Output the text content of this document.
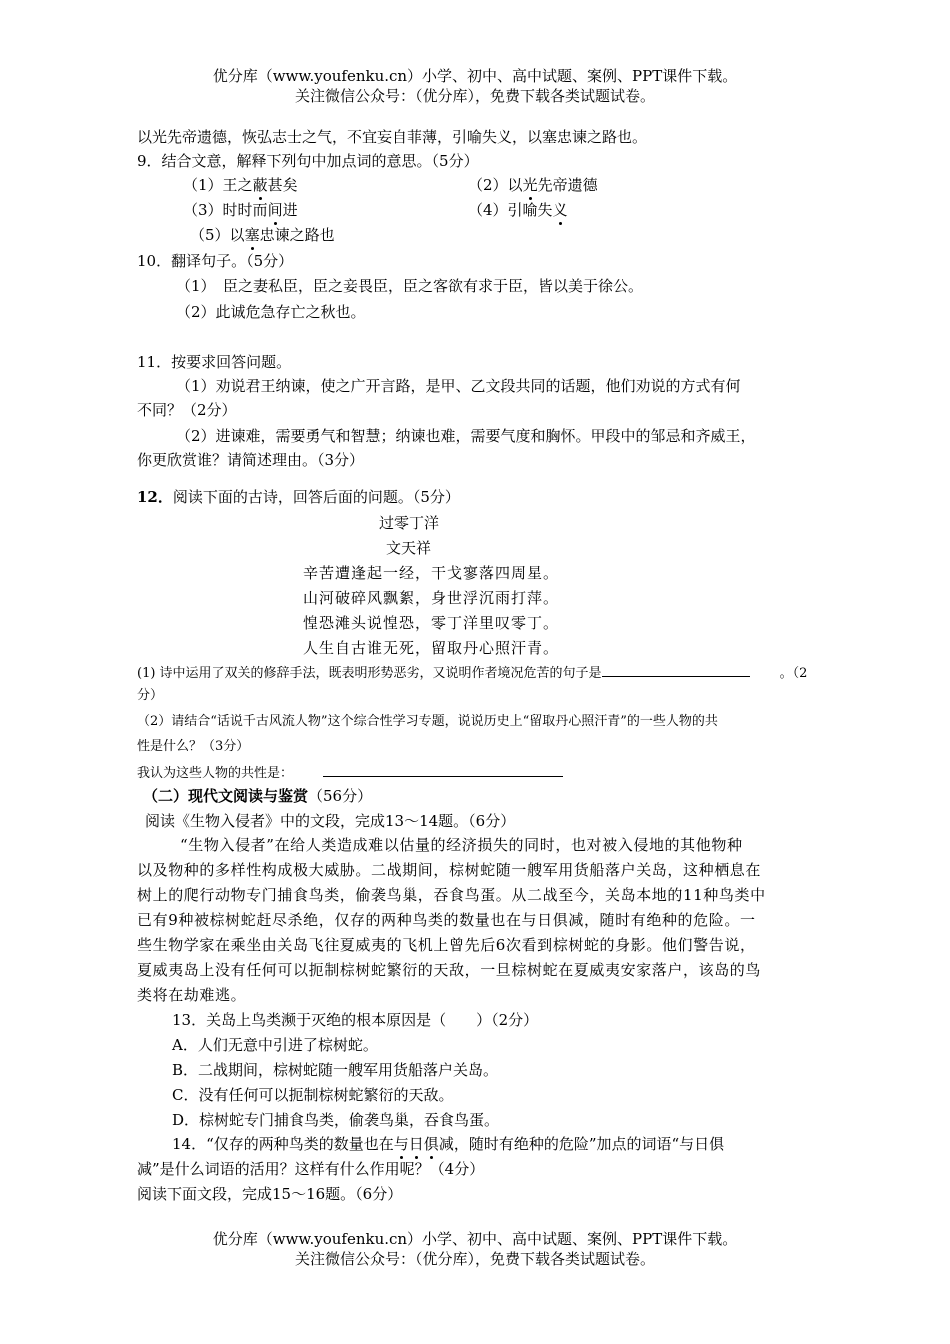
优分库（www.youfenku.cn）小学、初中、高中试题、案例、PPT课件下载。
关注微信公众号：（优分库），免费下载各类试题试卷。
以光先帝遗德，恢弘志士之气，不宜妄自菲薄，引喻失义，以塞忠谏之路也。
9．结合文意，解释下列句中加点词的意思。（5分）
（1）王之蔽甚矣	（2）以光先帝遗德
（3）时时而间进	（4）引喻失义
（5）以塞忠谏之路也
10．翻译句子。（5分）
（1）　臣之妻私臣，臣之妾畏臣，臣之客欲有求于臣，皆以美于徐公。
（2）此诚危急存亡之秋也。
11．按要求回答问题。
（1）劝说君王纳谏，使之广开言路，是甲、乙文段共同的话题，他们劝说的方式有何
不同？（2分）
（2）进谏难，需要勇气和智慧；纳谏也难，需要气度和胸怀。甲段中的邹忌和齐威王，
你更欣赏谁？请简述理由。（3分）
12．阅读下面的古诗，回答后面的问题。（5分）
过零丁洋
文天祥
辛苦遭逢起一经，干戈寥落四周星。
山河破碎风飘絮，身世浮沉雨打萍。
惶恐滩头说惶恐，零丁洋里叹零丁。
人生自古谁无死，留取丹心照汗青。
(1) 诗中运用了双关的修辞手法，既表明形势恶劣，又说明作者境况危苦的句子是	。（2
分）
（2）请结合“话说千古风流人物”这个综合性学习专题，说说历史上“留取丹心照汗青”的一些人物的共
性是什么？（3分）
我认为这些人物的共性是：
（二）现代文阅读与鉴赏（56分）
阅读《生物入侵者》中的文段，完成13～14题。（6分）
“生物入侵者”在给人类造成难以估量的经济损失的同时，也对被入侵地的其他物种
以及物种的多样性构成极大威胁。二战期间，棕树蛇随一艘军用货船落户关岛，这种栖息在
树上的爬行动物专门捕食鸟类，偷袭鸟巢，吞食鸟蛋。从二战至今，关岛本地的11种鸟类中
已有9种被棕树蛇赶尽杀绝，仅存的两种鸟类的数量也在与日俱减，随时有绝种的危险。一
些生物学家在乘坐由关岛飞往夏威夷的飞机上曾先后6次看到棕树蛇的身影。他们警告说，
夏威夷岛上没有任何可以扼制棕树蛇繁衍的天敌，一旦棕树蛇在夏威夷安家落户，该岛的鸟
类将在劫难逃。
13．关岛上鸟类濒于灭绝的根本原因是（　　）（2分）
A．人们无意中引进了棕树蛇。
B．二战期间，棕树蛇随一艘军用货船落户关岛。
C．没有任何可以扼制棕树蛇繁衍的天敌。
D．棕树蛇专门捕食鸟类，偷袭鸟巢，吞食鸟蛋。
14．“仅存的两种鸟类的数量也在与日俱减，随时有绝种的危险”加点的词语“与日俱
减”是什么词语的活用？这样有什么作用呢？（4分）
阅读下面文段，完成15～16题。（6分）
优分库（www.youfenku.cn）小学、初中、高中试题、案例、PPT课件下载。
关注微信公众号：（优分库），免费下载各类试题试卷。
